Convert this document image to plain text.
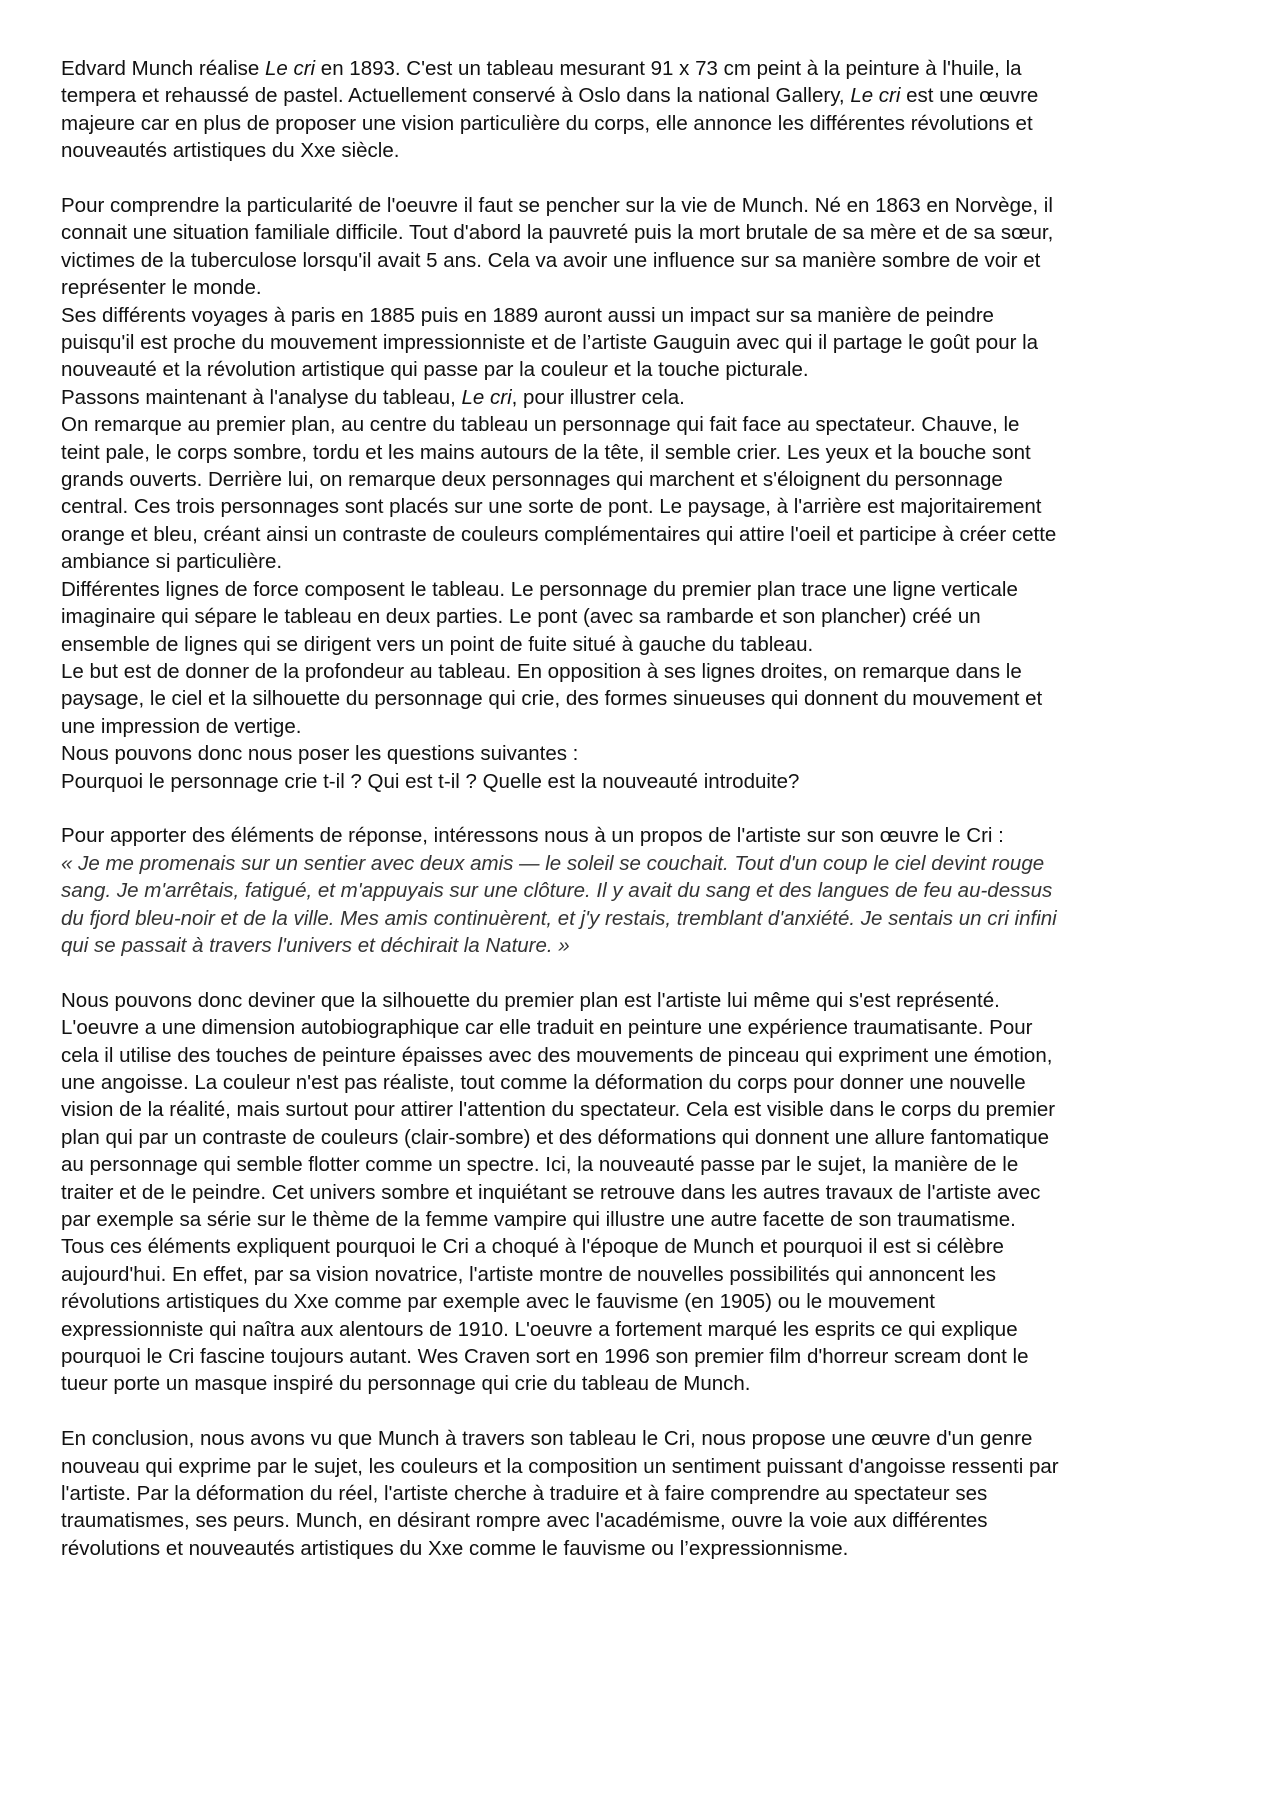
Edvard Munch réalise Le cri en 1893. C'est un tableau mesurant 91 x 73 cm peint à la peinture à l'huile, la
tempera et rehaussé de pastel. Actuellement conservé à Oslo dans la national Gallery, Le cri est une œuvre
majeure car en plus de proposer une vision particulière du corps, elle annonce les différentes révolutions et
nouveautés artistiques du Xxe siècle.
Pour comprendre la particularité de l'oeuvre il faut se pencher sur la vie de Munch. Né en 1863 en Norvège, il
connait une situation familiale difficile. Tout d'abord la pauvreté puis la mort brutale de sa mère et de sa sœur,
victimes de la tuberculose lorsqu'il avait 5 ans. Cela va avoir une influence sur sa manière sombre de voir et
représenter le monde.
Ses différents voyages à paris en 1885 puis en 1889 auront aussi un impact sur sa manière de peindre
puisqu'il est proche du mouvement impressionniste et de l’artiste Gauguin avec qui il partage le goût pour la
nouveauté et la révolution artistique qui passe par la couleur et la touche picturale.
Passons maintenant à l'analyse du tableau, Le cri, pour illustrer cela.
On remarque au premier plan, au centre du tableau un personnage qui fait face au spectateur. Chauve, le
teint pale, le corps sombre, tordu et les mains autours de la tête, il semble crier. Les yeux et la bouche sont
grands ouverts. Derrière lui, on remarque deux personnages qui marchent et s'éloignent du personnage
central. Ces trois personnages sont placés sur une sorte de pont. Le paysage, à l'arrière est majoritairement
orange et bleu, créant ainsi un contraste de couleurs complémentaires qui attire l'oeil et participe à créer cette
ambiance si particulière.
Différentes lignes de force composent le tableau. Le personnage du premier plan trace une ligne verticale
imaginaire qui sépare le tableau en deux parties. Le pont (avec sa rambarde et son plancher) créé un
ensemble de lignes qui se dirigent vers un point de fuite situé à gauche du tableau.
Le but est de donner de la profondeur au tableau. En opposition à ses lignes droites, on remarque dans le
paysage, le ciel et la silhouette du personnage qui crie, des formes sinueuses qui donnent du mouvement et
une impression de vertige.
Nous pouvons donc nous poser les questions suivantes :
Pourquoi le personnage crie t-il ? Qui est t-il ? Quelle est la nouveauté introduite?
Pour apporter des éléments de réponse, intéressons nous à un propos de l'artiste sur son œuvre le Cri :
« Je me promenais sur un sentier avec deux amis — le soleil se couchait. Tout d'un coup le ciel devint rouge
sang. Je m'arrêtais, fatigué, et m'appuyais sur une clôture. Il y avait du sang et des langues de feu au-dessus
du fjord bleu-noir et de la ville. Mes amis continuèrent, et j'y restais, tremblant d'anxiété. Je sentais un cri infini
qui se passait à travers l'univers et déchirait la Nature. »
Nous pouvons donc deviner que la silhouette du premier plan est l'artiste lui même qui s'est représenté.
L'oeuvre a une dimension autobiographique car elle traduit en peinture une expérience traumatisante. Pour
cela il utilise des touches de peinture épaisses avec des mouvements de pinceau qui expriment une émotion,
une angoisse. La couleur n'est pas réaliste, tout comme la déformation du corps pour donner une nouvelle
vision de la réalité, mais surtout pour attirer l'attention du spectateur. Cela est visible dans le corps du premier
plan qui par un contraste de couleurs (clair-sombre) et des déformations qui donnent une allure fantomatique
au personnage qui semble flotter comme un spectre. Ici, la nouveauté passe par le sujet, la manière de le
traiter et de le peindre. Cet univers sombre et inquiétant se retrouve dans les autres travaux de l'artiste avec
par exemple sa série sur le thème de la femme vampire qui illustre une autre facette de son traumatisme.
Tous ces éléments expliquent pourquoi le Cri a choqué à l'époque de Munch et pourquoi il est si célèbre
aujourd'hui. En effet, par sa vision novatrice, l'artiste montre de nouvelles possibilités qui annoncent les
révolutions artistiques du Xxe comme par exemple avec le fauvisme (en 1905) ou le mouvement
expressionniste qui naîtra aux alentours de 1910. L'oeuvre a fortement marqué les esprits ce qui explique
pourquoi le Cri fascine toujours autant. Wes Craven sort en 1996 son premier film d'horreur scream dont le
tueur porte un masque inspiré du personnage qui crie du tableau de Munch.
En conclusion, nous avons vu que Munch à travers son tableau le Cri, nous propose une œuvre d'un genre
nouveau qui exprime par le sujet, les couleurs et la composition un sentiment puissant d'angoisse ressenti par
l'artiste. Par la déformation du réel, l'artiste cherche à traduire et à faire comprendre au spectateur ses
traumatismes, ses peurs. Munch, en désirant rompre avec l'académisme, ouvre la voie aux différentes
révolutions et nouveautés artistiques du Xxe comme le fauvisme ou l’expressionnisme.
